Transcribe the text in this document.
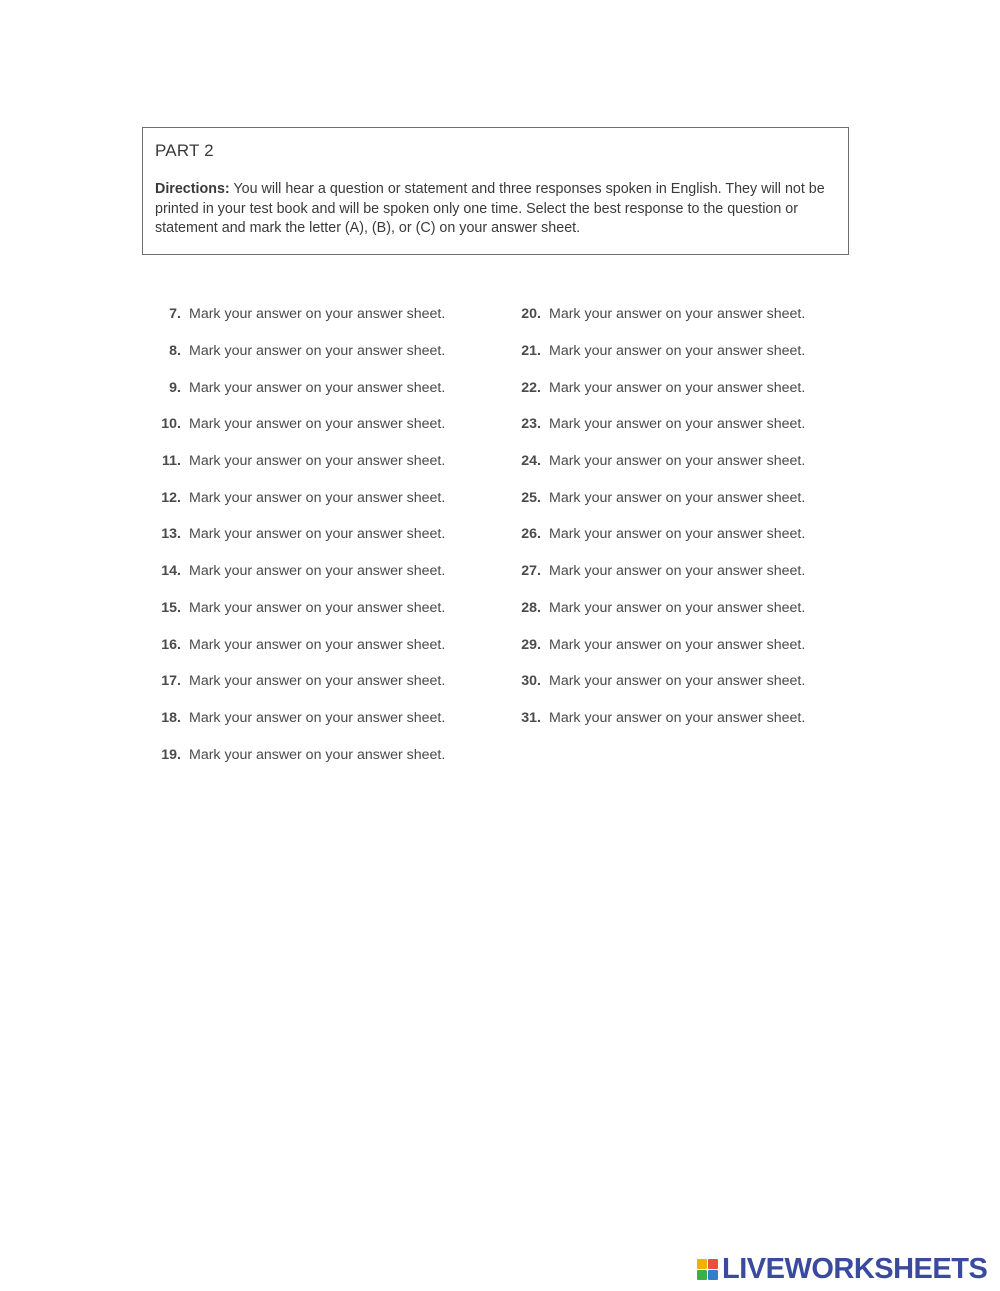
PART 2

Directions: You will hear a question or statement and three responses spoken in English. They will not be printed in your test book and will be spoken only one time. Select the best response to the question or statement and mark the letter (A), (B), or (C) on your answer sheet.

7. Mark your answer on your answer sheet.
8. Mark your answer on your answer sheet.
9. Mark your answer on your answer sheet.
10. Mark your answer on your answer sheet.
11. Mark your answer on your answer sheet.
12. Mark your answer on your answer sheet.
13. Mark your answer on your answer sheet.
14. Mark your answer on your answer sheet.
15. Mark your answer on your answer sheet.
16. Mark your answer on your answer sheet.
17. Mark your answer on your answer sheet.
18. Mark your answer on your answer sheet.
19. Mark your answer on your answer sheet.
20. Mark your answer on your answer sheet.
21. Mark your answer on your answer sheet.
22. Mark your answer on your answer sheet.
23. Mark your answer on your answer sheet.
24. Mark your answer on your answer sheet.
25. Mark your answer on your answer sheet.
26. Mark your answer on your answer sheet.
27. Mark your answer on your answer sheet.
28. Mark your answer on your answer sheet.
29. Mark your answer on your answer sheet.
30. Mark your answer on your answer sheet.
31. Mark your answer on your answer sheet.
LIVEWORKSHEETS
